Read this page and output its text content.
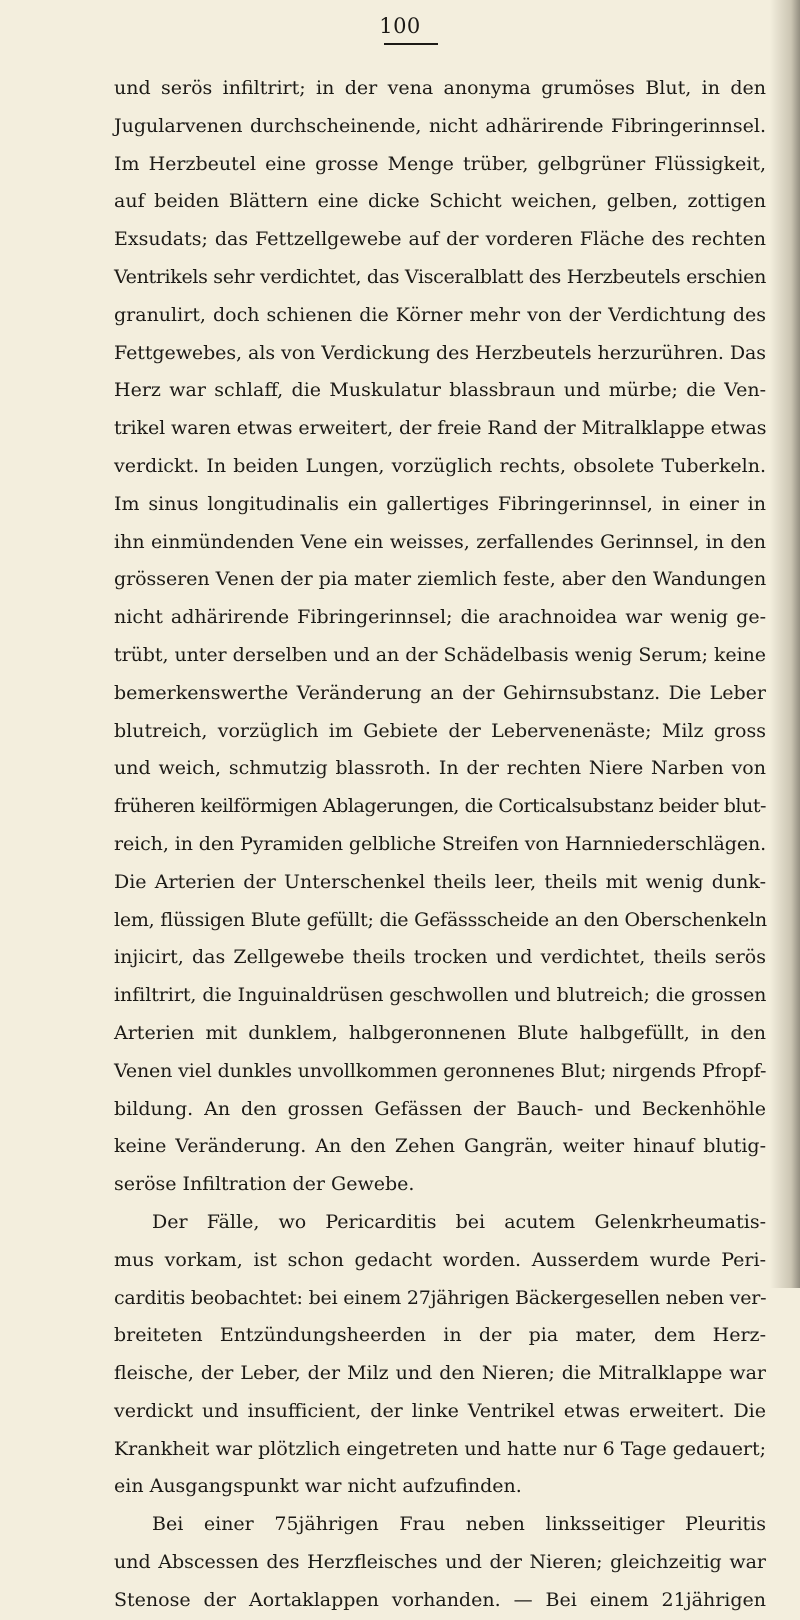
100
und serös infiltrirt; in der vena anonyma grumöses Blut, in den
Jugularvenen durchscheinende, nicht adhärirende Fibringerinnsel.
Im Herzbeutel eine grosse Menge trüber, gelbgrüner Flüssigkeit,
auf beiden Blättern eine dicke Schicht weichen, gelben, zottigen
Exsudats; das Fettzellgewebe auf der vorderen Fläche des rechten
Ventrikels sehr verdichtet, das Visceralblatt des Herzbeutels erschien
granulirt, doch schienen die Körner mehr von der Verdichtung des
Fettgewebes, als von Verdickung des Herzbeutels herzurühren. Das
Herz war schlaff, die Muskulatur blassbraun und mürbe; die Ven-
trikel waren etwas erweitert, der freie Rand der Mitralklappe etwas
verdickt. In beiden Lungen, vorzüglich rechts, obsolete Tuberkeln.
Im sinus longitudinalis ein gallertiges Fibringerinnsel, in einer in
ihn einmündenden Vene ein weisses, zerfallendes Gerinnsel, in den
grösseren Venen der pia mater ziemlich feste, aber den Wandungen
nicht adhärirende Fibringerinnsel; die arachnoidea war wenig ge-
trübt, unter derselben und an der Schädelbasis wenig Serum; keine
bemerkenswerthe Veränderung an der Gehirnsubstanz. Die Leber
blutreich, vorzüglich im Gebiete der Lebervenenäste; Milz gross
und weich, schmutzig blassroth. In der rechten Niere Narben von
früheren keilförmigen Ablagerungen, die Corticalsubstanz beider blut-
reich, in den Pyramiden gelbliche Streifen von Harnniederschlägen.
Die Arterien der Unterschenkel theils leer, theils mit wenig dunk-
lem, flüssigen Blute gefüllt; die Gefässscheide an den Oberschenkeln
injicirt, das Zellgewebe theils trocken und verdichtet, theils serös
infiltrirt, die Inguinaldrüsen geschwollen und blutreich; die grossen
Arterien mit dunklem, halbgeronnenen Blute halbgefüllt, in den
Venen viel dunkles unvollkommen geronnenes Blut; nirgends Pfropf-
bildung. An den grossen Gefässen der Bauch- und Beckenhöhle
keine Veränderung. An den Zehen Gangrän, weiter hinauf blutig-
seröse Infiltration der Gewebe.
Der Fälle, wo Pericarditis bei acutem Gelenkrheumatis-
mus vorkam, ist schon gedacht worden. Ausserdem wurde Peri-
carditis beobachtet: bei einem 27jährigen Bäckergesellen neben ver-
breiteten Entzündungsheerden in der pia mater, dem Herz-
fleische, der Leber, der Milz und den Nieren; die Mitralklappe war
verdickt und insufficient, der linke Ventrikel etwas erweitert. Die
Krankheit war plötzlich eingetreten und hatte nur 6 Tage gedauert;
ein Ausgangspunkt war nicht aufzufinden.
Bei einer 75jährigen Frau neben linksseitiger Pleuritis
und Abscessen des Herzfleisches und der Nieren; gleichzeitig war
Stenose der Aortaklappen vorhanden. — Bei einem 21jährigen
